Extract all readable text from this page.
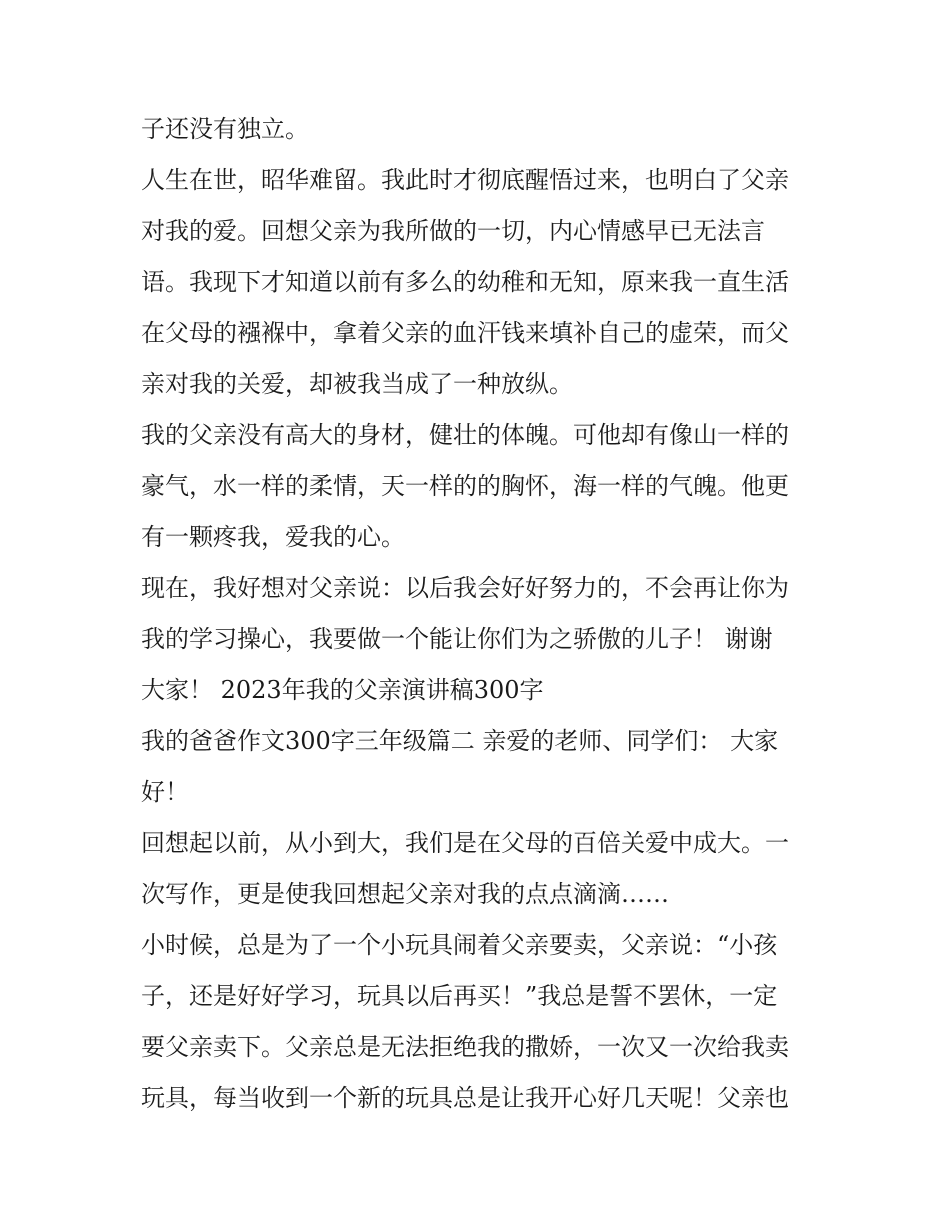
子还没有独立。
人生在世，昭华难留。我此时才彻底醒悟过来，也明白了父亲
对我的爱。回想父亲为我所做的一切，内心情感早已无法言
语。我现下才知道以前有多么的幼稚和无知，原来我一直生活
在父母的襁褓中，拿着父亲的血汗钱来填补自己的虚荣，而父
亲对我的关爱，却被我当成了一种放纵。
我的父亲没有高大的身材，健壮的体魄。可他却有像山一样的
豪气，水一样的柔情，天一样的的胸怀，海一样的气魄。他更
有一颗疼我，爱我的心。
现在，我好想对父亲说：以后我会好好努力的，不会再让你为
我的学习操心，我要做一个能让你们为之骄傲的儿子！ 谢谢
大家！ 2023年我的父亲演讲稿300字
我的爸爸作文300字三年级篇二 亲爱的老师、同学们： 大家
好！
回想起以前，从小到大，我们是在父母的百倍关爱中成大。一
次写作，更是使我回想起父亲对我的点点滴滴……
小时候，总是为了一个小玩具闹着父亲要卖，父亲说：“小孩
子，还是好好学习，玩具以后再买！”我总是誓不罢休，一定
要父亲卖下。父亲总是无法拒绝我的撒娇，一次又一次给我卖
玩具，每当收到一个新的玩具总是让我开心好几天呢！父亲也
